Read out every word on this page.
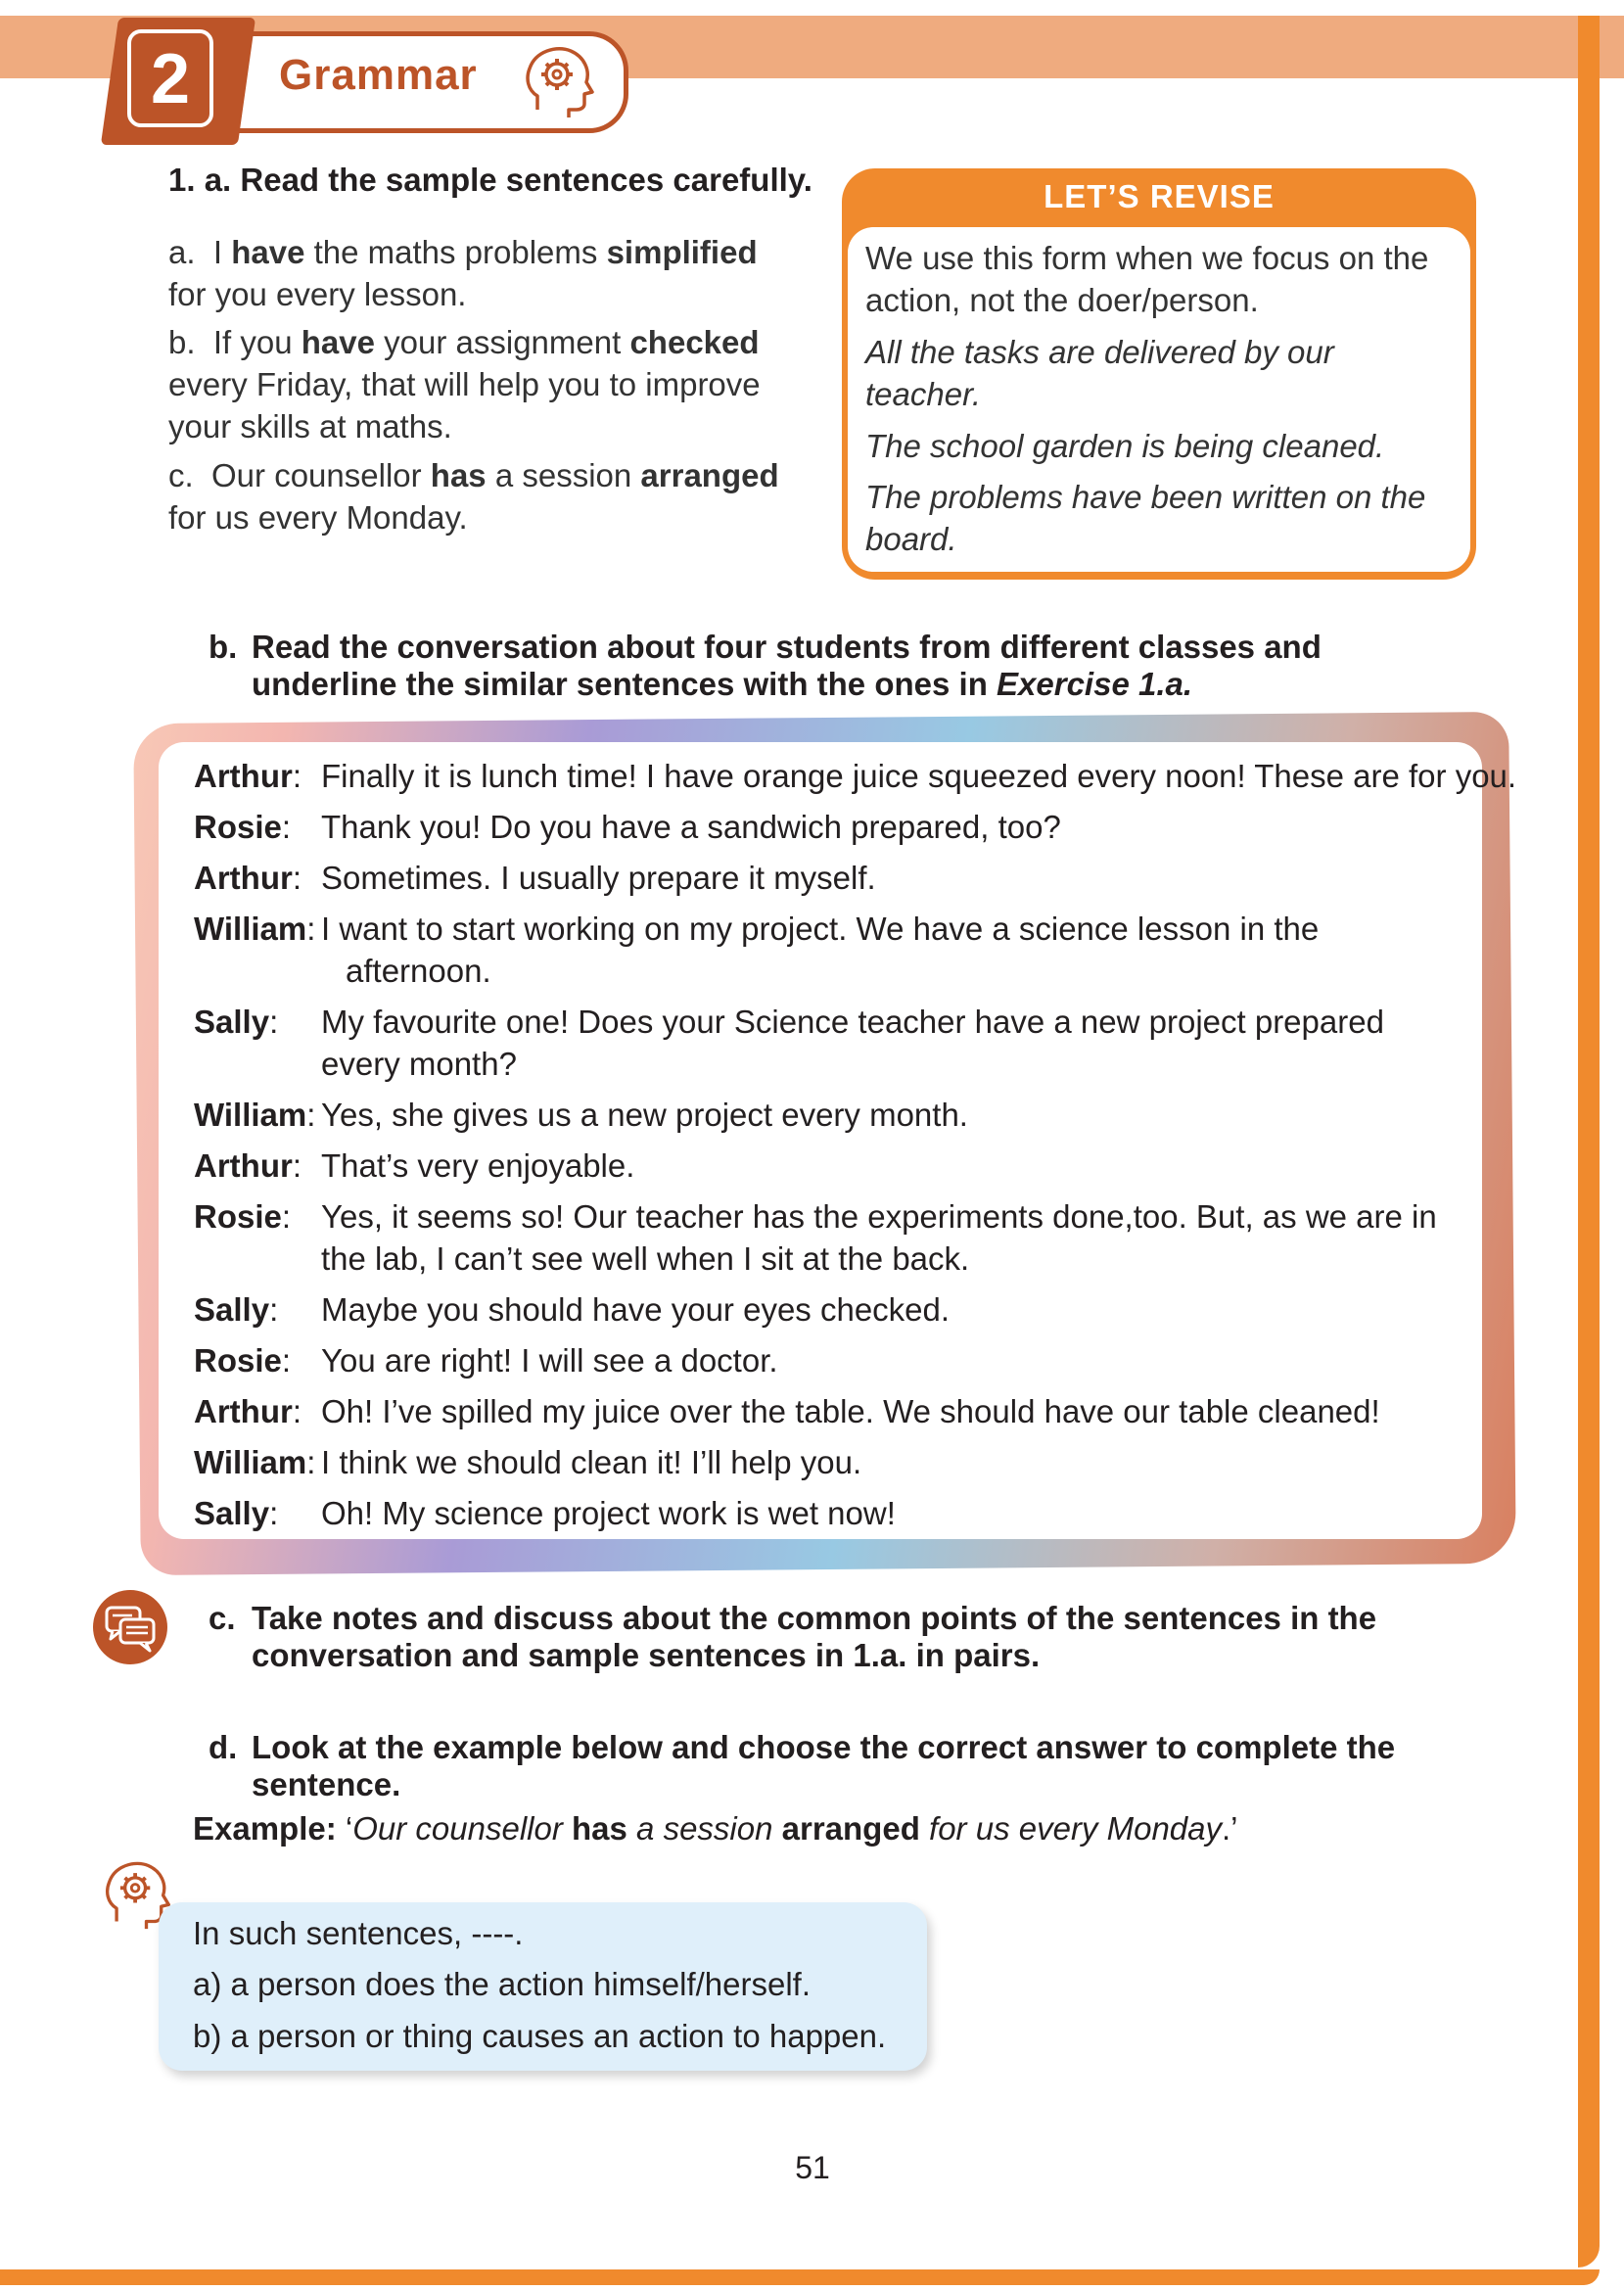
2	Grammar
1. a. Read the sample sentences carefully.
a. I have the maths problems simplified
for you every lesson.
b. If you have your assignment checked
every Friday, that will help you to improve
your skills at maths.
c. Our counsellor has a session arranged
for us every Monday.
LET’S REVISE
We use this form when we focus on the
action, not the doer/person.
All the tasks are delivered by our
teacher.
The school garden is being cleaned.
The problems have been written on the
board.
b. Read the conversation about four students from different classes and
underline the similar sentences with the ones in Exercise 1.a.
Arthur: Finally it is lunch time! I have orange juice squeezed every noon! These are for you.
Rosie: Thank you! Do you have a sandwich prepared, too?
Arthur: Sometimes. I usually prepare it myself.
William: I want to start working on my project. We have a science lesson in the
afternoon.
Sally: My favourite one! Does your Science teacher have a new project prepared
every month?
William: Yes, she gives us a new project every month.
Arthur: That’s very enjoyable.
Rosie: Yes, it seems so! Our teacher has the experiments done,too. But, as we are in
the lab, I can’t see well when I sit at the back.
Sally: Maybe you should have your eyes checked.
Rosie: You are right! I will see a doctor.
Arthur: Oh! I’ve spilled my juice over the table. We should have our table cleaned!
William: I think we should clean it! I’ll help you.
Sally: Oh! My science project work is wet now!
c. Take notes and discuss about the common points of the sentences in the
conversation and sample sentences in 1.a. in pairs.
d. Look at the example below and choose the correct answer to complete the
sentence.
Example: ‘Our counsellor has a session arranged for us every Monday.’
In such sentences, ----.
a) a person does the action himself/herself.
b) a person or thing causes an action to happen.
51
